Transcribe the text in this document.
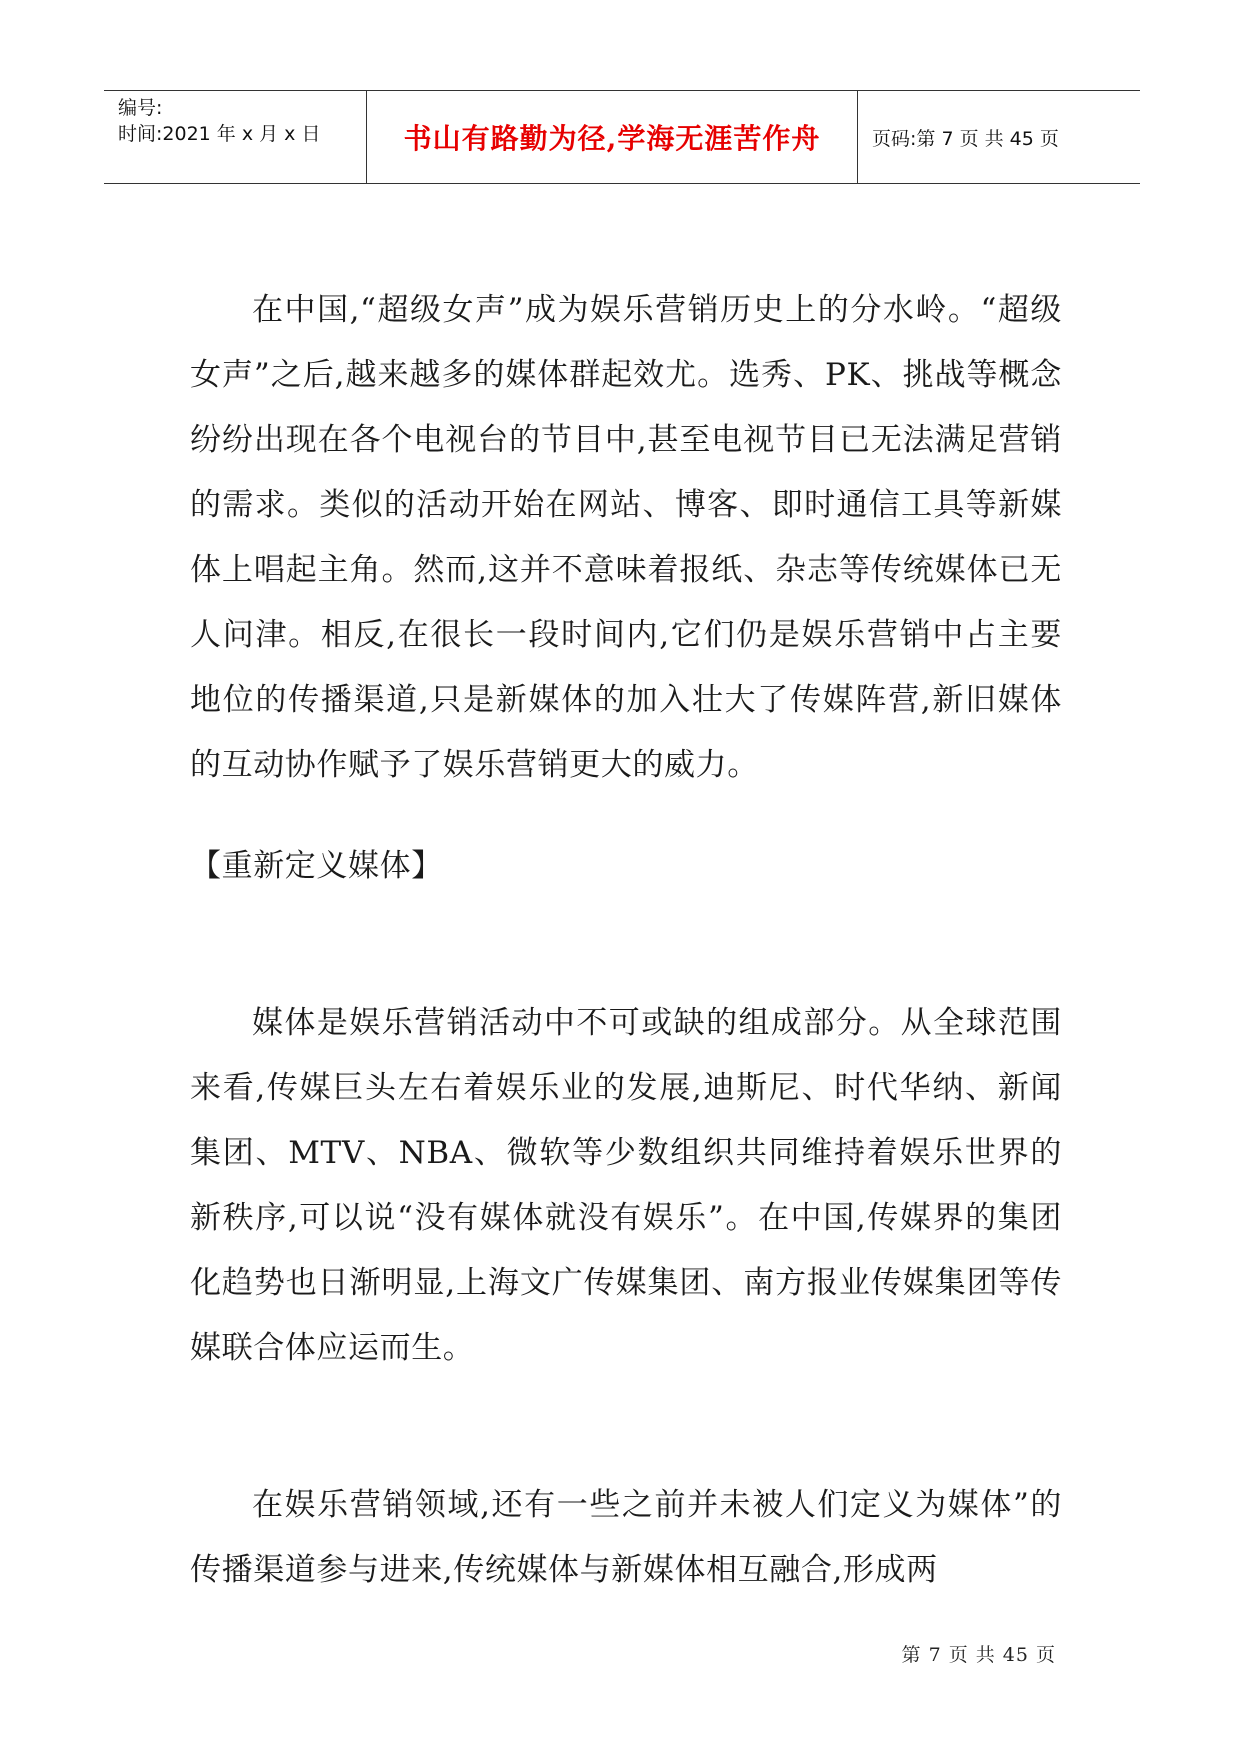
编号:
时间:2021 年 x 月 x 日	书山有路勤为径,学海无涯苦作舟	页码:第 7 页 共 45 页

在中国,“超级女声”成为娱乐营销历史上的分水岭。“超级女声”之后,越来越多的媒体群起效尤。选秀、PK、挑战等概念纷纷出现在各个电视台的节目中,甚至电视节目已无法满足营销的需求。类似的活动开始在网站、博客、即时通信工具等新媒体上唱起主角。然而,这并不意味着报纸、杂志等传统媒体已无人问津。相反,在很长一段时间内,它们仍是娱乐营销中占主要地位的传播渠道,只是新媒体的加入壮大了传媒阵营,新旧媒体的互动协作赋予了娱乐营销更大的威力。

【重新定义媒体】

媒体是娱乐营销活动中不可或缺的组成部分。从全球范围来看,传媒巨头左右着娱乐业的发展,迪斯尼、时代华纳、新闻集团、MTV、NBA、微软等少数组织共同维持着娱乐世界的新秩序,可以说“没有媒体就没有娱乐”。在中国,传媒界的集团化趋势也日渐明显,上海文广传媒集团、南方报业传媒集团等传媒联合体应运而生。

在娱乐营销领域,还有一些之前并未被人们定义为媒体”的传播渠道参与进来,传统媒体与新媒体相互融合,形成两

第 7 页 共 45 页
